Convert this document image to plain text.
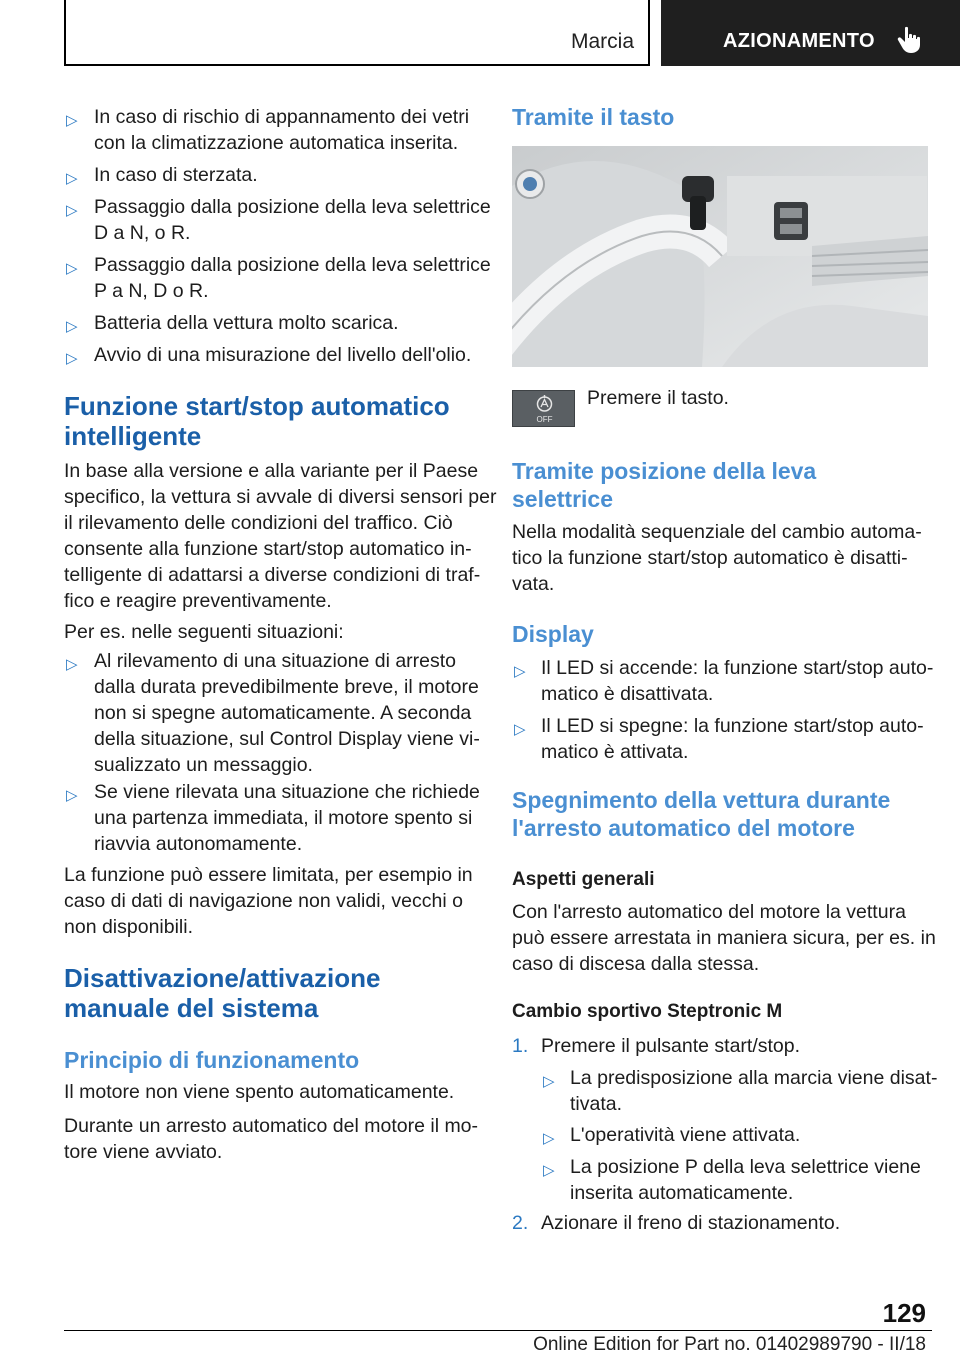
Marcia	AZIONAMENTO
OFF
129
Online Edition for Part no. 01402989790 - II/18
▷ In caso di rischio di appannamento dei vetri
con la climatizzazione automatica inserita.
▷ In caso di sterzata.
▷ Passaggio dalla posizione della leva selettrice
D a N, o R.
▷ Passaggio dalla posizione della leva selettrice
P a N, D o R.
▷ Batteria della vettura molto scarica.
▷ Avvio di una misurazione del livello dell'olio.
Funzione start/stop automatico
intelligente
In base alla versione e alla variante per il Paese
specifico, la vettura si avvale di diversi sensori per
il rilevamento delle condizioni del traffico. Ciò
consente alla funzione start/stop automatico in-
telligente di adattarsi a diverse condizioni di traf-
fico e reagire preventivamente.
Per es. nelle seguenti situazioni:
▷ Al rilevamento di una situazione di arresto
dalla durata prevedibilmente breve, il motore
non si spegne automaticamente. A seconda
della situazione, sul Control Display viene vi-
sualizzato un messaggio.
▷ Se viene rilevata una situazione che richiede
una partenza immediata, il motore spento si
riavvia autonomamente.
La funzione può essere limitata, per esempio in
caso di dati di navigazione non validi, vecchi o
non disponibili.
Disattivazione/attivazione
manuale del sistema
Principio di funzionamento
Il motore non viene spento automaticamente.
Durante un arresto automatico del motore il mo-
tore viene avviato.
Tramite il tasto
Premere il tasto.
Tramite posizione della leva
selettrice
Nella modalità sequenziale del cambio automa-
tico la funzione start/stop automatico è disatti-
vata.
Display
▷ Il LED si accende: la funzione start/stop auto-
matico è disattivata.
▷ Il LED si spegne: la funzione start/stop auto-
matico è attivata.
Spegnimento della vettura durante
l'arresto automatico del motore
Aspetti generali
Con l'arresto automatico del motore la vettura
può essere arrestata in maniera sicura, per es. in
caso di discesa dalla stessa.
Cambio sportivo Steptronic M
1. Premere il pulsante start/stop.
2. Azionare il freno di stazionamento.
▷ La predisposizione alla marcia viene disat-
tivata.
▷ L'operatività viene attivata.
▷ La posizione P della leva selettrice viene
inserita automaticamente.
